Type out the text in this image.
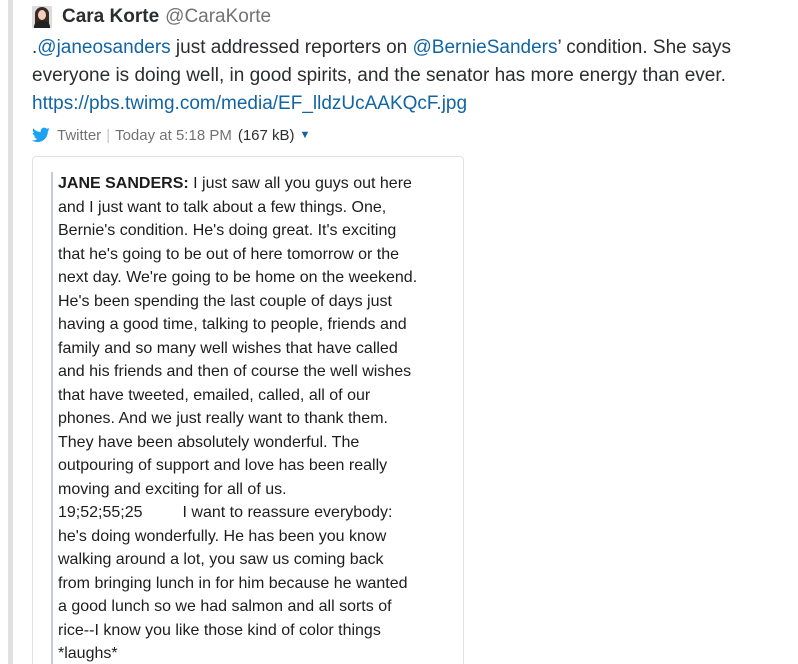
Cara Korte @CaraKorte
.@janeosanders just addressed reporters on @BernieSanders’ condition. She says everyone is doing well, in good spirits, and the senator has more energy than ever.
https://pbs.twimg.com/media/EF_lldzUcAAKQcF.jpg
Twitter | Today at 5:18 PM (167 kB) ▼
JANE SANDERS: I just saw all you guys out here
and I just want to talk about a few things. One,
Bernie's condition. He's doing great. It's exciting
that he's going to be out of here tomorrow or the
next day. We're going to be home on the weekend.
He's been spending the last couple of days just
having a good time, talking to people, friends and
family and so many well wishes that have called
and his friends and then of course the well wishes
that have tweeted, emailed, called, all of our
phones. And we just really want to thank them.
They have been absolutely wonderful. The
outpouring of support and love has been really
moving and exciting for all of us.
19;52;55;25         I want to reassure everybody:
he's doing wonderfully. He has been you know
walking around a lot, you saw us coming back
from bringing lunch in for him because he wanted
a good lunch so we had salmon and all sorts of
rice--I know you like those kind of color things
*laughs*
